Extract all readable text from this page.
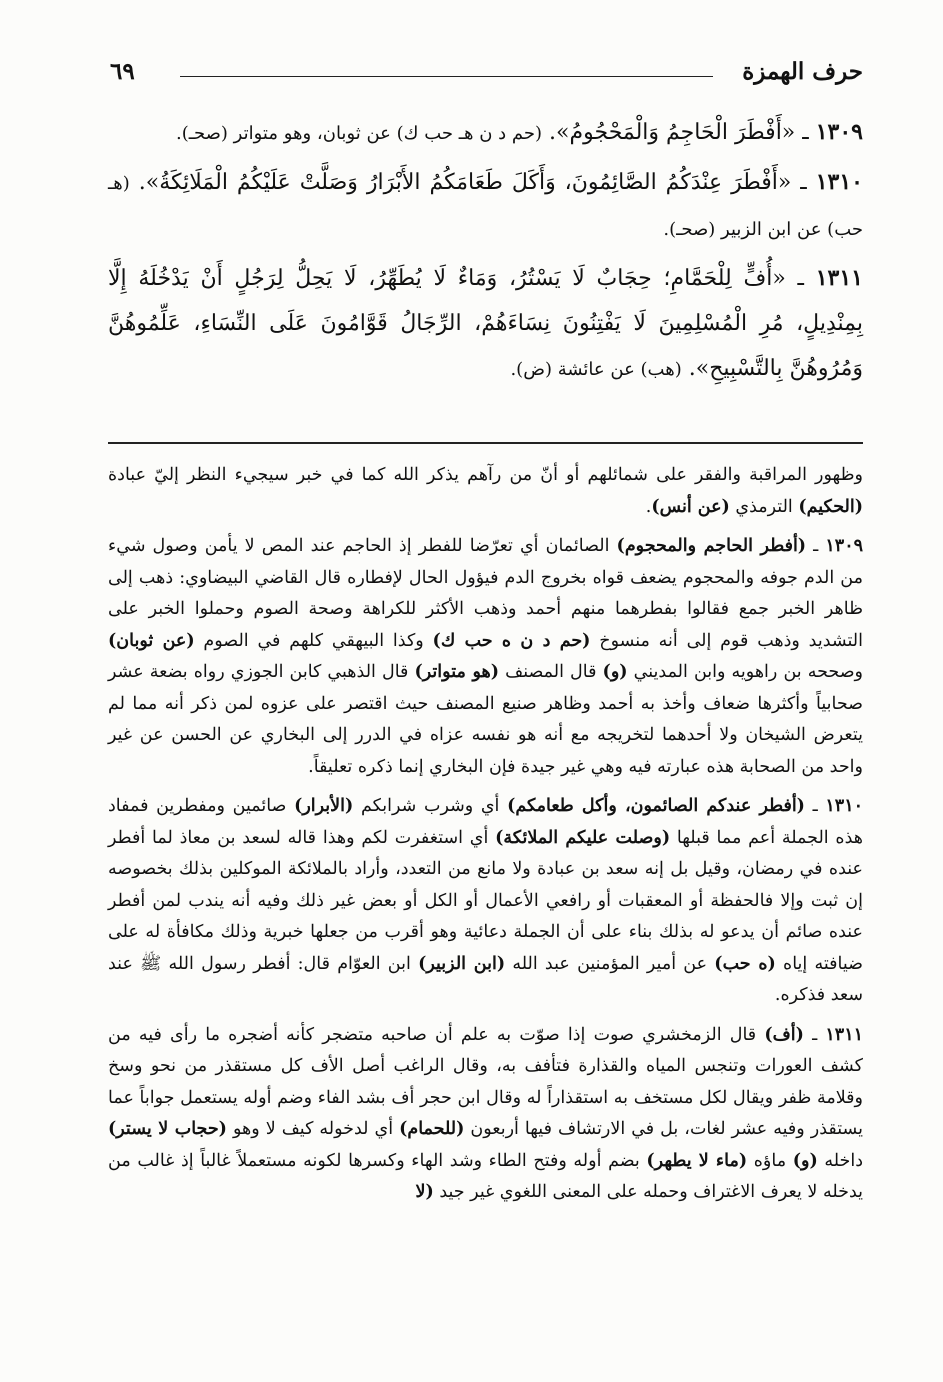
حرف الهمزة
٦٩

١٣٠٩ ـ «أَفْطَرَ الْحَاجِمُ وَالْمَحْجُومُ». (حم د ن هـ حب ك) عن ثوبان، وهو متواتر (صحـ).

١٣١٠ ـ «أَفْطَرَ عِنْدَكُمُ الصَّائِمُونَ، وَأَكَلَ طَعَامَكُمُ الأَبْرَارُ وَصَلَّتْ عَلَيْكُمُ الْمَلَائِكَةُ». (هـ حب) عن ابن الزبير (صحـ).

١٣١١ ـ «أُفٍّ لِلْحَمَّامِ؛ حِجَابٌ لَا يَسْتُرُ، وَمَاءٌ لَا يُطَهِّرُ، لَا يَحِلُّ لِرَجُلٍ أَنْ يَدْخُلَهُ إِلَّا بِمِنْدِيلٍ، مُرِ الْمُسْلِمِينَ لَا يَفْتِنُونَ نِسَاءَهُمْ، الرِّجَالُ قَوَّامُونَ عَلَى النِّسَاءِ، عَلِّمُوهُنَّ وَمُرُوهُنَّ بِالتَّسْبِيحِ». (هب) عن عائشة (ض).

وظهور المراقبة والفقر على شمائلهم أو أنّ من رآهم يذكر الله كما في خبر سيجيء النظر إليّ عبادة (الحكيم) الترمذي (عن أنس).

١٣٠٩ ـ (أفطر الحاجم والمحجوم) الصائمان أي تعرّضا للفطر إذ الحاجم عند المص لا يأمن وصول شيء من الدم جوفه والمحجوم يضعف قواه بخروج الدم فيؤول الحال لإفطاره قال القاضي البيضاوي: ذهب إلى ظاهر الخبر جمع فقالوا بفطرهما منهم أحمد وذهب الأكثر للكراهة وصحة الصوم وحملوا الخبر على التشديد وذهب قوم إلى أنه منسوخ (حم د ن ه حب ك) وكذا البيهقي كلهم في الصوم (عن ثوبان) وصححه بن راهويه وابن المديني (و) قال المصنف (هو متواتر) قال الذهبي كابن الجوزي رواه بضعة عشر صحابياً وأكثرها ضعاف وأخذ به أحمد وظاهر صنيع المصنف حيث اقتصر على عزوه لمن ذكر أنه مما لم يتعرض الشيخان ولا أحدهما لتخريجه مع أنه هو نفسه عزاه في الدرر إلى البخاري عن الحسن عن غير واحد من الصحابة هذه عبارته فيه وهي غير جيدة فإن البخاري إنما ذكره تعليقاً.

١٣١٠ ـ (أفطر عندكم الصائمون، وأكل طعامكم) أي وشرب شرابكم (الأبرار) صائمين ومفطرين فمفاد هذه الجملة أعم مما قبلها (وصلت عليكم الملائكة) أي استغفرت لكم وهذا قاله لسعد بن معاذ لما أفطر عنده في رمضان، وقيل بل إنه سعد بن عبادة ولا مانع من التعدد، وأراد بالملائكة الموكلين بذلك بخصوصه إن ثبت وإلا فالحفظة أو المعقبات أو رافعي الأعمال أو الكل أو بعض غير ذلك وفيه أنه يندب لمن أفطر عنده صائم أن يدعو له بذلك بناء على أن الجملة دعائية وهو أقرب من جعلها خبرية وذلك مكافأة له على ضيافته إياه (ه حب) عن أمير المؤمنين عبد الله (ابن الزبير) ابن العوّام قال: أفطر رسول الله ﷺ عند سعد فذكره.

١٣١١ ـ (أف) قال الزمخشري صوت إذا صوّت به علم أن صاحبه متضجر كأنه أضجره ما رأى فيه من كشف العورات وتنجس المياه والقذارة فتأفف به، وقال الراغب أصل الأف كل مستقذر من نحو وسخ وقلامة ظفر ويقال لكل مستخف به استقذاراً له وقال ابن حجر أف بشد الفاء وضم أوله يستعمل جواباً عما يستقذر وفيه عشر لغات، بل في الارتشاف فيها أربعون (للحمام) أي لدخوله كيف لا وهو (حجاب لا يستر) داخله (و) ماؤه (ماء لا يطهر) بضم أوله وفتح الطاء وشد الهاء وكسرها لكونه مستعملاً غالباً إذ غالب من يدخله لا يعرف الاغتراف وحمله على المعنى اللغوي غير جيد (لا
